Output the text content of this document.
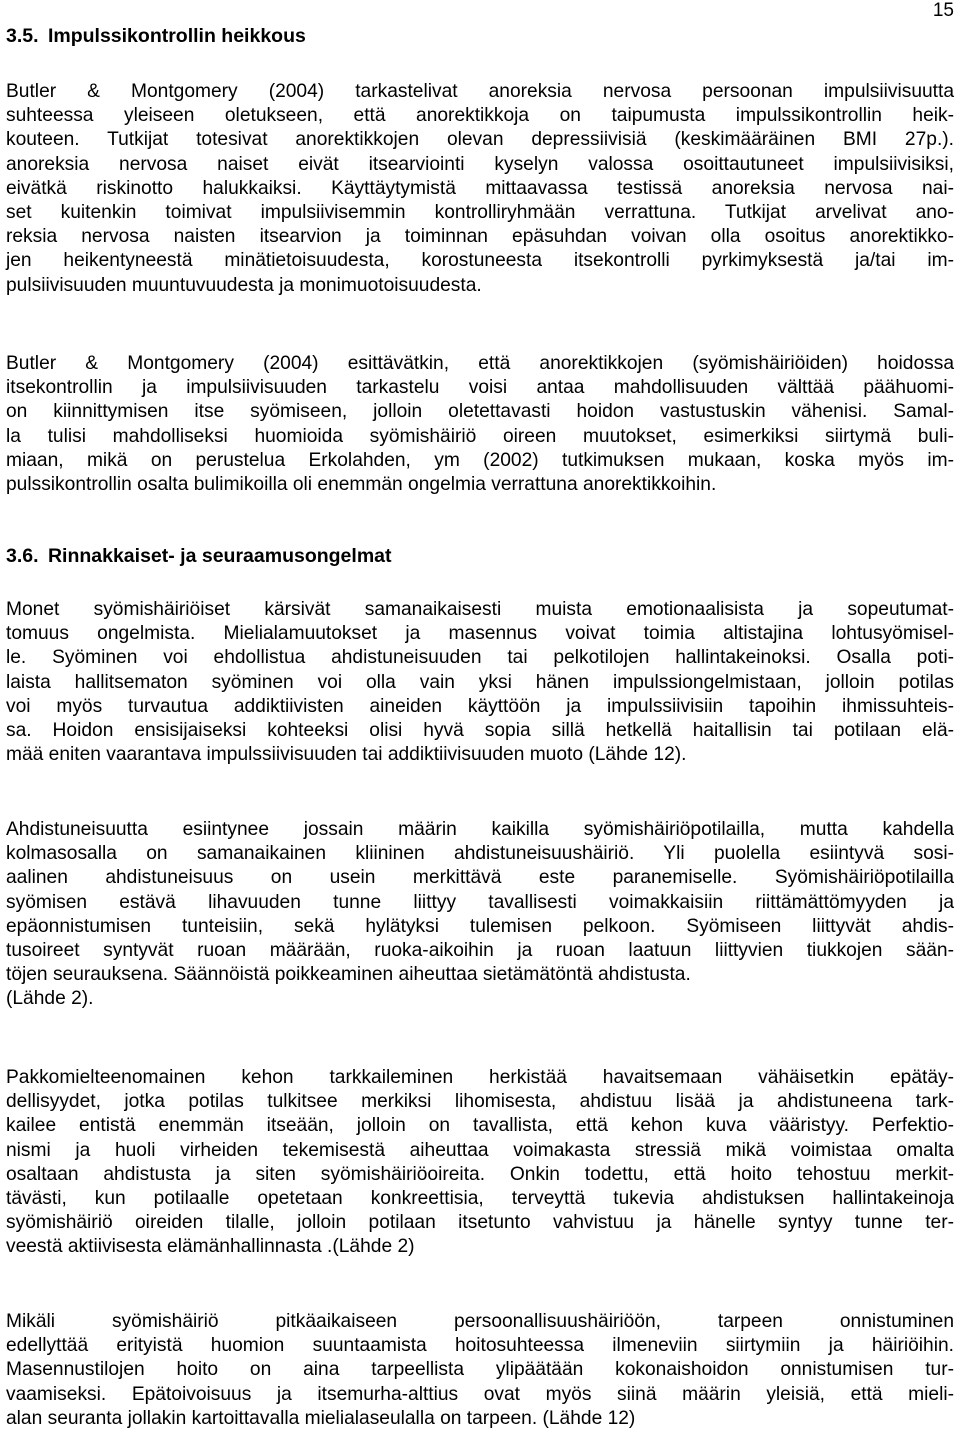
15
3.5. Impulssikontrollin heikkous
Butler & Montgomery (2004) tarkastelivat anoreksia nervosa persoonan impulsiivisuutta
suhteessa yleiseen oletukseen, että anorektikkoja on taipumusta impulssikontrollin heik-
kouteen. Tutkijat totesivat anorektikkojen olevan depressiivisiä (keskimääräinen BMI 27p.).
anoreksia nervosa naiset eivät itsearviointi kyselyn valossa osoittautuneet impulsiivisiksi,
eivätkä riskinotto halukkaiksi. Käyttäytymistä mittaavassa testissä anoreksia nervosa nai-
set kuitenkin toimivat impulsiivisemmin kontrolliryhmään verrattuna. Tutkijat arvelivat ano-
reksia nervosa naisten itsearvion ja toiminnan epäsuhdan voivan olla osoitus anorektikko-
jen heikentyneestä minätietoisuudesta, korostuneesta itsekontrolli pyrkimyksestä ja/tai im-
pulsiivisuuden muuntuvuudesta ja monimuotoisuudesta.
Butler & Montgomery (2004) esittävätkin, että anorektikkojen (syömishäiriöiden) hoidossa
itsekontrollin ja impulsiivisuuden tarkastelu voisi antaa mahdollisuuden välttää päähuomi-
on kiinnittymisen itse syömiseen, jolloin oletettavasti hoidon vastustuskin vähenisi. Samal-
la tulisi mahdolliseksi huomioida syömishäiriö oireen muutokset, esimerkiksi siirtymä buli-
miaan, mikä on perustelua Erkolahden, ym (2002) tutkimuksen mukaan, koska myös im-
pulssikontrollin osalta bulimikoilla oli enemmän ongelmia verrattuna anorektikkoihin.
3.6. Rinnakkaiset- ja seuraamusongelmat
Monet syömishäiriöiset kärsivät samanaikaisesti muista emotionaalisista ja sopeutumat-
tomuus ongelmista. Mielialamuutokset ja masennus voivat toimia altistajina lohtusyömisel-
le. Syöminen voi ehdollistua ahdistuneisuuden tai pelkotilojen hallintakeinoksi. Osalla poti-
laista hallitsematon syöminen voi olla vain yksi hänen impulssiongelmistaan, jolloin potilas
voi myös turvautua addiktiivisten aineiden käyttöön ja impulssiivisiin tapoihin ihmissuhteis-
sa. Hoidon ensisijaiseksi kohteeksi olisi hyvä sopia sillä hetkellä haitallisin tai potilaan elä-
mää eniten vaarantava impulssiivisuuden tai addiktiivisuuden muoto (Lähde 12).
Ahdistuneisuutta esiintynee jossain määrin kaikilla syömishäiriöpotilailla, mutta kahdella
kolmasosalla on samanaikainen kliininen ahdistuneisuushäiriö. Yli puolella esiintyvä sosi-
aalinen ahdistuneisuus on usein merkittävä este paranemiselle. Syömishäiriöpotilailla
syömisen estävä lihavuuden tunne liittyy tavallisesti voimakkaisiin riittämättömyyden ja
epäonnistumisen tunteisiin, sekä hylätyksi tulemisen pelkoon. Syömiseen liittyvät ahdis-
tusoireet syntyvät ruoan määrään, ruoka-aikoihin ja ruoan laatuun liittyvien tiukkojen sään-
töjen seurauksena. Säännöistä poikkeaminen aiheuttaa sietämätöntä ahdistusta.
(Lähde 2).
Pakkomielteenomainen kehon tarkkaileminen herkistää havaitsemaan vähäisetkin epätäy-
dellisyydet, jotka potilas tulkitsee merkiksi lihomisesta, ahdistuu lisää ja ahdistuneena tark-
kailee entistä enemmän itseään, jolloin on tavallista, että kehon kuva vääristyy. Perfektio-
nismi ja huoli virheiden tekemisestä aiheuttaa voimakasta stressiä mikä voimistaa omalta
osaltaan ahdistusta ja siten syömishäiriöoireita. Onkin todettu, että hoito tehostuu merkit-
tävästi, kun potilaalle opetetaan konkreettisia, terveyttä tukevia ahdistuksen hallintakeinoja
syömishäiriö oireiden tilalle, jolloin potilaan itsetunto vahvistuu ja hänelle syntyy tunne ter-
veestä aktiivisesta elämänhallinnasta .(Lähde 2)
Mikäli syömishäiriö pitkäaikaiseen persoonallisuushäiriöön, tarpeen onnistuminen
edellyttää erityistä huomion suuntaamista hoitosuhteessa ilmeneviin siirtymiin ja häiriöihin.
Masennustilojen hoito on aina tarpeellista ylipäätään kokonaishoidon onnistumisen tur-
vaamiseksi. Epätoivoisuus ja itsemurha-alttius ovat myös siinä määrin yleisiä, että mieli-
alan seuranta jollakin kartoittavalla mielialaseulalla on tarpeen. (Lähde 12)
